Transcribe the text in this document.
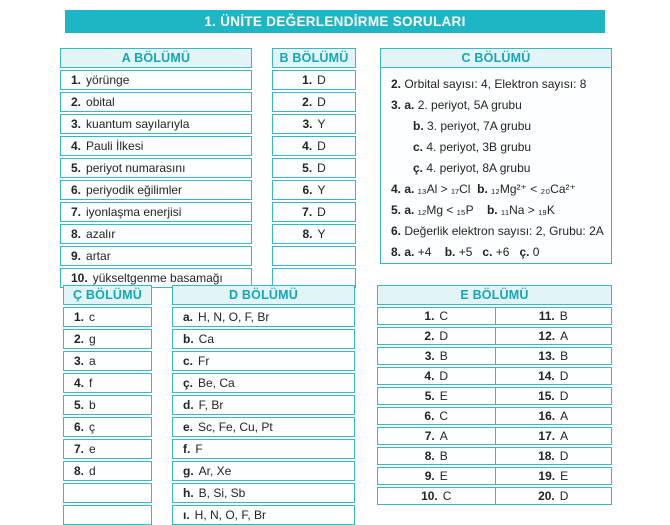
1. ÜNİTE DEĞERLENDİRME SORULARI
A BÖLÜMÜ
1. yörünge
2. obital
3. kuantum sayılarıyla
4. Pauli İlkesi
5. periyot numarasını
6. periyodik eğilimler
7. iyonlaşma enerjisi
8. azalır
9. artar
10. yükseltgenme basamağı
B BÖLÜMÜ
1. D
2. D
3. Y
4. D
5. D
6. Y
7. D
8. Y
C BÖLÜMÜ
2. Orbital sayısı: 4, Elektron sayısı: 8
3. a. 2. periyot, 5A grubu
b. 3. periyot, 7A grubu
c. 4. periyot, 3B grubu
ç. 4. periyot, 8A grubu
4. a. ₁₃Al > ₁₇Cl  b. ₁₂Mg²⁺ < ₂₀Ca²⁺
5. a. ₁₂Mg < ₁₅P    b. ₁₁Na > ₁₉K
6. Değerlik elektron sayısı: 2, Grubu: 2A
8. a. +4    b. +5   c. +6   ç. 0
Ç BÖLÜMÜ
1. c
2. g
3. a
4. f
5. b
6. ç
7. e
8. d
D BÖLÜMÜ
a. H, N, O, F, Br
b. Ca
c. Fr
ç. Be, Ca
d. F, Br
e. Sc, Fe, Cu, Pt
f. F
g. Ar, Xe
h. B, Si, Sb
ı. H, N, O, F, Br
E BÖLÜMÜ
1. C	11. B
2. D	12. A
3. B	13. B
4. D	14. D
5. E	15. D
6. C	16. A
7. A	17. A
8. B	18. D
9. E	19. E
10. C	20. D
